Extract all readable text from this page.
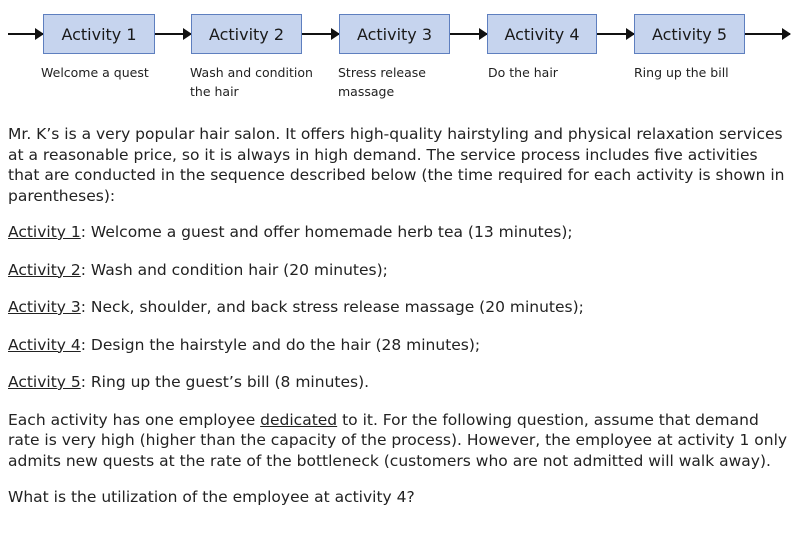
Activity 1	Activity 2	Activity 3	Activity 4	Activity 5
Welcome a quest	Wash and condition the hair
Stress release massage
Do the hair	Ring up the bill

Mr. K’s is a very popular hair salon. It offers high-quality hairstyling and physical relaxation services at a reasonable price, so it is always in high demand. The service process includes five activities that are conducted in the sequence described below (the time required for each activity is shown in parentheses):

Activity 1: Welcome a guest and offer homemade herb tea (13 minutes);

Activity 2: Wash and condition hair (20 minutes);

Activity 3: Neck, shoulder, and back stress release massage (20 minutes);

Activity 4: Design the hairstyle and do the hair (28 minutes);

Activity 5: Ring up the guest’s bill (8 minutes).

Each activity has one employee dedicated to it. For the following question, assume that demand rate is very high (higher than the capacity of the process). However, the employee at activity 1 only admits new quests at the rate of the bottleneck (customers who are not admitted will walk away).

What is the utilization of the employee at activity 4?
